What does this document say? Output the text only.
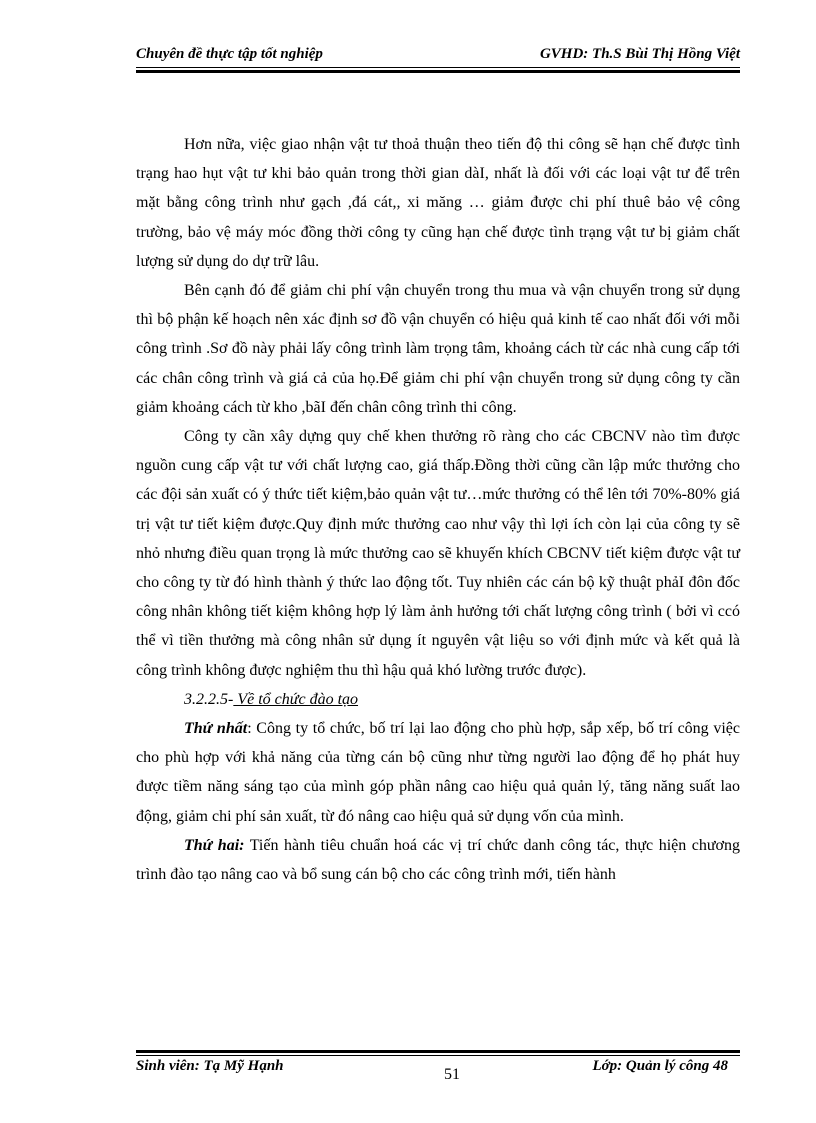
Chuyên đề thực tập tốt nghiệp	GVHD: Th.S Bùi Thị Hồng Việt

Hơn nữa, việc giao nhận vật tư thoả thuận theo tiến độ thi công sẽ hạn chế được tình trạng hao hụt vật tư khi bảo quản trong thời gian dàI, nhất là đối với các loại vật tư để trên mặt bằng công trình như gạch ,đá cát,, xi măng … giảm được chi phí thuê bảo vệ công trường, bảo vệ máy móc đồng thời công ty cũng hạn chế được tình trạng vật tư bị giảm chất lượng sử dụng do dự trữ lâu.

Bên cạnh đó để giảm chi phí vận chuyển trong thu mua và vận chuyển trong sử dụng thì bộ phận kế hoạch nên xác định sơ đồ vận chuyển có hiệu quả kinh tế cao nhất đối với mỗi công trình .Sơ đồ này phải lấy công trình làm trọng tâm, khoảng cách từ các nhà cung cấp tới các chân công trình và giá cả của họ.Để giảm chi phí vận chuyển trong sử dụng công ty cần giảm khoảng cách từ kho ,bãI đến chân công trình thi công.

Công ty cần xây dựng quy chế khen thưởng rõ ràng cho các CBCNV nào tìm được nguồn cung cấp vật tư với chất lượng cao, giá thấp.Đồng thời cũng cần lập mức thưởng cho các đội sản xuất có ý thức tiết kiệm,bảo quản vật tư…mức thưởng có thể lên tới 70%-80% giá trị vật tư tiết kiệm được.Quy định mức thưởng cao như vậy thì lợi ích còn lại của công ty sẽ nhỏ nhưng điều quan trọng là mức thưởng cao sẽ khuyến khích CBCNV tiết kiệm được vật tư cho công ty từ đó hình thành ý thức lao động tốt. Tuy nhiên các cán bộ kỹ thuật phảI đôn đốc công nhân không tiết kiệm không hợp lý làm ảnh hưởng tới chất lượng công trình ( bởi vì ccó thể vì tiền thưởng mà công nhân sử dụng ít nguyên vật liệu so với định mức và kết quả là công trình không được nghiệm thu thì hậu quả khó lường trước được).

3.2.2.5- Về tổ chức đào tạo

Thứ nhất: Công ty tổ chức, bố trí lại lao động cho phù hợp, sắp xếp, bố trí công việc cho phù hợp với khả năng của từng cán bộ cũng như từng người lao động để họ phát huy được tiềm năng sáng tạo của mình góp phần nâng cao hiệu quả quản lý, tăng năng suất lao động, giảm chi phí sản xuất, từ đó nâng cao hiệu quả sử dụng vốn của mình.

Thứ hai: Tiến hành tiêu chuẩn hoá các vị trí chức danh công tác, thực hiện chương trình đào tạo nâng cao và bổ sung cán bộ cho các công trình mới, tiến hành

Sinh viên: Tạ Mỹ Hạnh	51	Lớp: Quản lý công 48
